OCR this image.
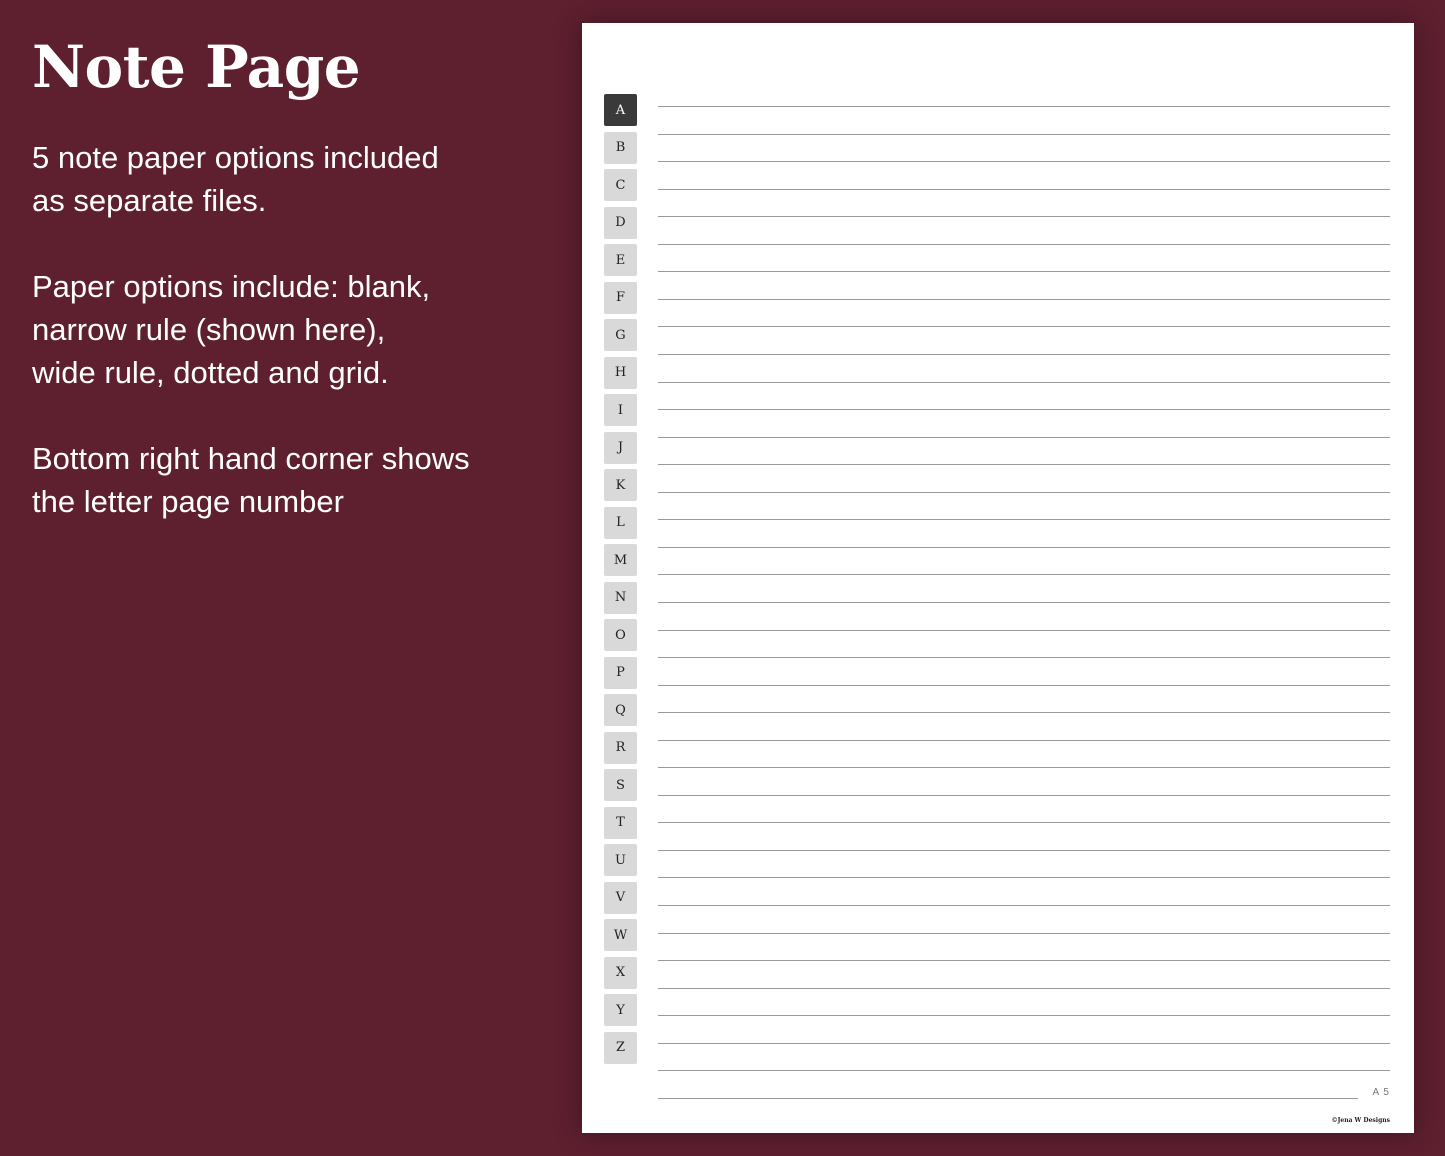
Note Page

5 note paper options included
as separate files.

Paper options include: blank,
narrow rule (shown here),
wide rule, dotted and grid.

Bottom right hand corner shows
the letter page number

A
B
C
D
E
F
G
H
I
J
K
L
M
N
O
P
Q
R
S
T
U
V
W
X
Y
Z
A 5
©Jena W Designs
